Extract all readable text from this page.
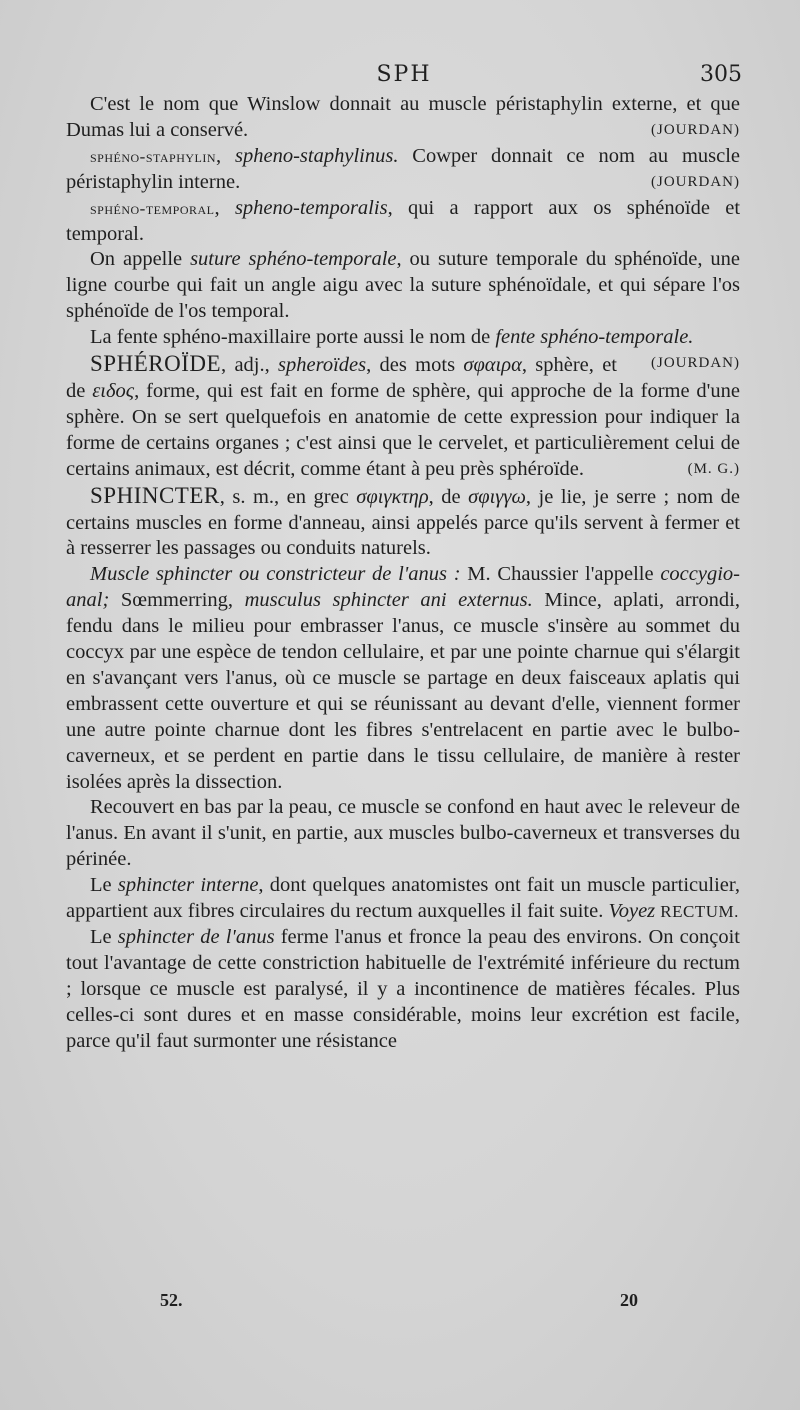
SPH	305

C'est le nom que Winslow donnait au muscle péristaphylin externe, et que Dumas lui a conservé.	(JOURDAN)

sphéno-staphylin, spheno-staphylinus. Cowper donnait ce nom au muscle péristaphylin interne.	(JOURDAN)

sphéno-temporal, spheno-temporalis, qui a rapport aux os sphénoïde et temporal.

On appelle suture sphéno-temporale, ou suture temporale du sphénoïde, une ligne courbe qui fait un angle aigu avec la suture sphénoïdale, et qui sépare l'os sphénoïde de l'os temporal.

La fente sphéno-maxillaire porte aussi le nom de fente sphéno-temporale.
(JOURDAN)

SPHÉROÏDE, adj., spheroïdes, des mots σφαιρα, sphère, et de ειδος, forme, qui est fait en forme de sphère, qui approche de la forme d'une sphère. On se sert quelquefois en anatomie de cette expression pour indiquer la forme de certains organes ; c'est ainsi que le cervelet, et particulièrement celui de certains animaux, est décrit, comme étant à peu près sphéroïde.	(M. G.)

SPHINCTER, s. m., en grec σφιγκτηρ, de σφιγγω, je lie, je serre ; nom de certains muscles en forme d'anneau, ainsi appelés parce qu'ils servent à fermer et à resserrer les passages ou conduits naturels.

Muscle sphincter ou constricteur de l'anus : M. Chaussier l'appelle coccygio-anal; Sœmmerring, musculus sphincter ani externus. Mince, aplati, arrondi, fendu dans le milieu pour embrasser l'anus, ce muscle s'insère au sommet du coccyx par une espèce de tendon cellulaire, et par une pointe charnue qui s'élargit en s'avançant vers l'anus, où ce muscle se partage en deux faisceaux aplatis qui embrassent cette ouverture et qui se réunissant au devant d'elle, viennent former une autre pointe charnue dont les fibres s'entrelacent en partie avec le bulbo-caverneux, et se perdent en partie dans le tissu cellulaire, de manière à rester isolées après la dissection.

Recouvert en bas par la peau, ce muscle se confond en haut avec le releveur de l'anus. En avant il s'unit, en partie, aux muscles bulbo-caverneux et transverses du périnée.

Le sphincter interne, dont quelques anatomistes ont fait un muscle particulier, appartient aux fibres circulaires du rectum auxquelles il fait suite. Voyez RECTUM.

Le sphincter de l'anus ferme l'anus et fronce la peau des environs. On conçoit tout l'avantage de cette constriction habituelle de l'extrémité inférieure du rectum ; lorsque ce muscle est paralysé, il y a incontinence de matières fécales. Plus celles-ci sont dures et en masse considérable, moins leur excrétion est facile, parce qu'il faut surmonter une résistance

52.	20
